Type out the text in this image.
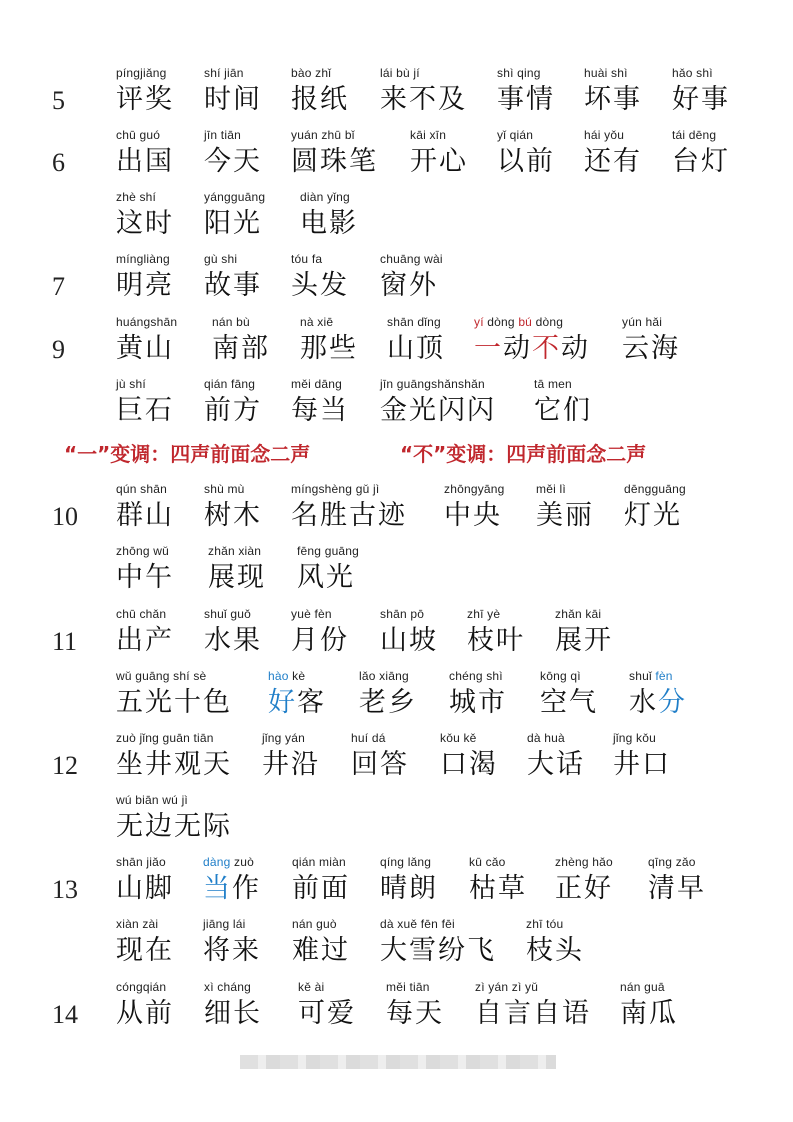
5
píngjiǎng
评奖
shí jiān
时间
bào zhǐ
报纸
lái bù jí
来不及
shì qing
事情
huài shì
坏事
hǎo shì
好事
6
chū guó
出国
jīn tiān
今天
yuán zhū bǐ
圆珠笔
kāi xīn
开心
yǐ qián
以前
hái yǒu
还有
tái dēng
台灯
zhè shí
这时
yángguāng
阳光
diàn yǐng
电影
7
míngliàng
明亮
gù shi
故事
tóu fa
头发
chuāng wài
窗外
9
huángshān
黄山
nán bù
南部
nà xiē
那些
shān dǐng
山顶
yí dòng bú dòng
一动不动
yún hǎi
云海
jù shí
巨石
qián fāng
前方
měi dāng
每当
jīn guāngshǎnshǎn
金光闪闪
tā men
它们
“一”变调：四声前面念二声	“不”变调：四声前面念二声
10
qún shān
群山
shù mù
树木
míngshèng gǔ jì
名胜古迹
zhōngyāng
中央
měi lì
美丽
dēngguāng
灯光
zhōng wǔ
中午
zhǎn xiàn
展现
fēng guāng
风光
11
chū chǎn
出产
shuǐ guǒ
水果
yuè fèn
月份
shān pō
山坡
zhī yè
枝叶
zhǎn kāi
展开
wǔ guāng shí sè
五光十色
hào kè
好客
lǎo xiāng
老乡
chéng shì
城市
kōng qì
空气
shuǐ fèn
水分
12
zuò jǐng guān tiān
坐井观天
jǐng yán
井沿
huí dá
回答
kǒu kě
口渴
dà huà
大话
jǐng kǒu
井口
wú biān wú jì
无边无际
13
shān jiǎo
山脚
dàng zuò
当作
qián miàn
前面
qíng lǎng
晴朗
kū cǎo
枯草
zhèng hǎo
正好
qīng zǎo
清早
xiàn zài
现在
jiāng lái
将来
nán guò
难过
dà xuě fēn fēi
大雪纷飞
zhī tóu
枝头
14
cóngqián
从前
xì cháng
细长
kě ài
可爱
měi tiān
每天
zì yán zì yǔ
自言自语
nán guā
南瓜
